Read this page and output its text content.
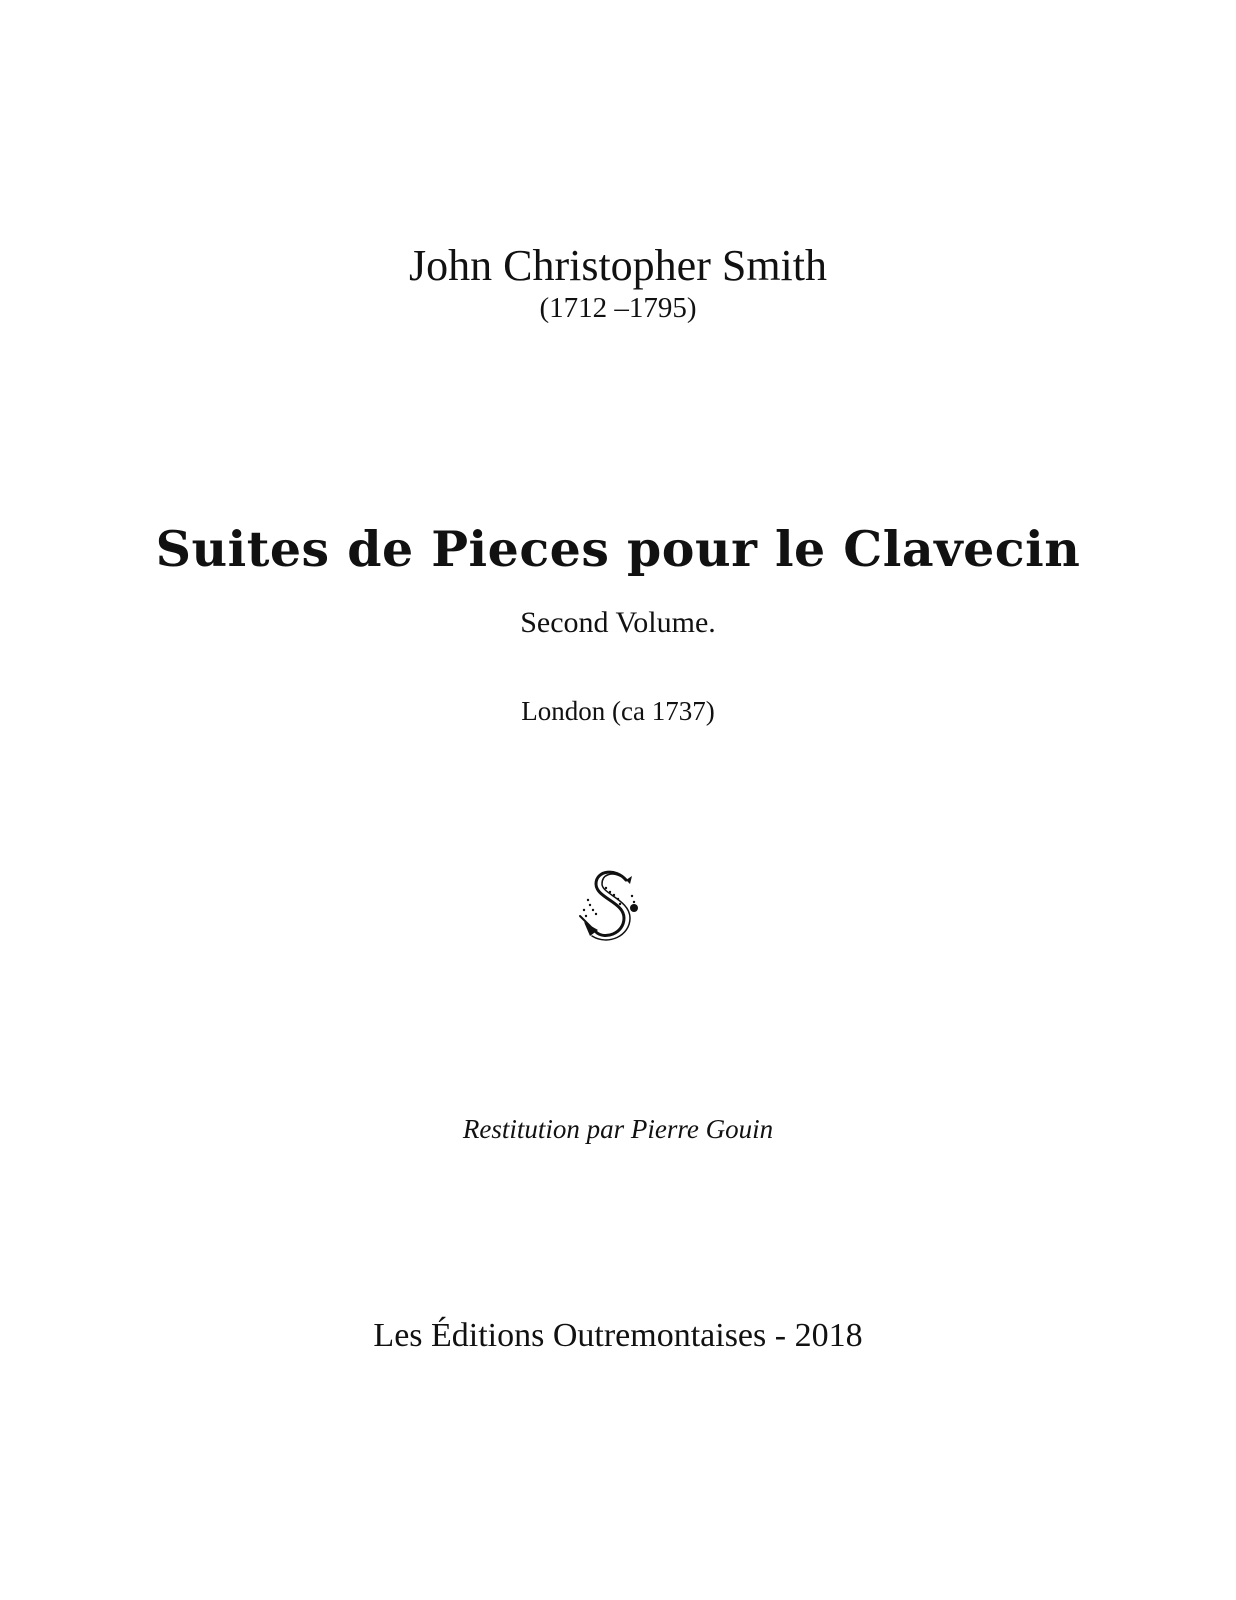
John Christopher Smith
(1712 –1795)
Suites de Pieces pour le Clavecin
Second Volume.
London (ca 1737)
Restitution par Pierre Gouin
Les Éditions Outremontaises - 2018
